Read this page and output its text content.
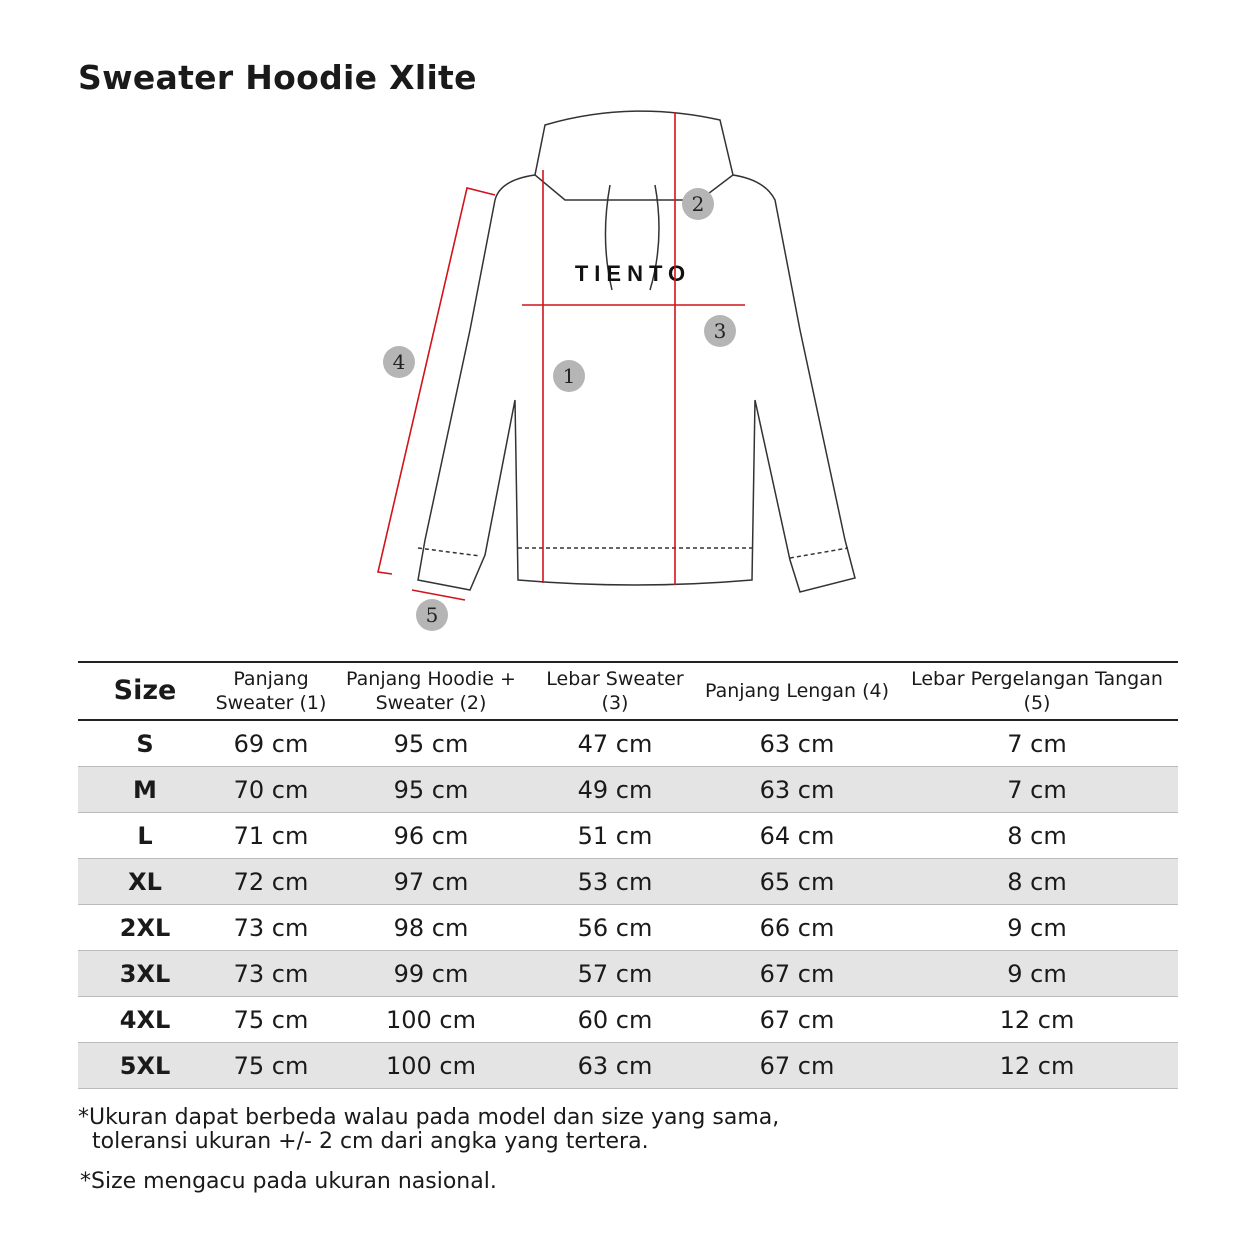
Sweater Hoodie Xlite
TIENTO
1
2
3
4
5
Size	Panjang Sweater (1)	Panjang Hoodie + Sweater (2)	Lebar Sweater (3)	Panjang Lengan (4)	Lebar Pergelangan Tangan (5)
S	69 cm	95 cm	47 cm	63 cm	7 cm
M	70 cm	95 cm	49 cm	63 cm	7 cm
L	71 cm	96 cm	51 cm	64 cm	8 cm
XL	72 cm	97 cm	53 cm	65 cm	8 cm
2XL	73 cm	98 cm	56 cm	66 cm	9 cm
3XL	73 cm	99 cm	57 cm	67 cm	9 cm
4XL	75 cm	100 cm	60 cm	67 cm	12 cm
5XL	75 cm	100 cm	63 cm	67 cm	12 cm
*Ukuran dapat berbeda walau pada model dan size yang sama,
toleransi ukuran +/- 2 cm dari angka yang tertera.
*Size mengacu pada ukuran nasional.
